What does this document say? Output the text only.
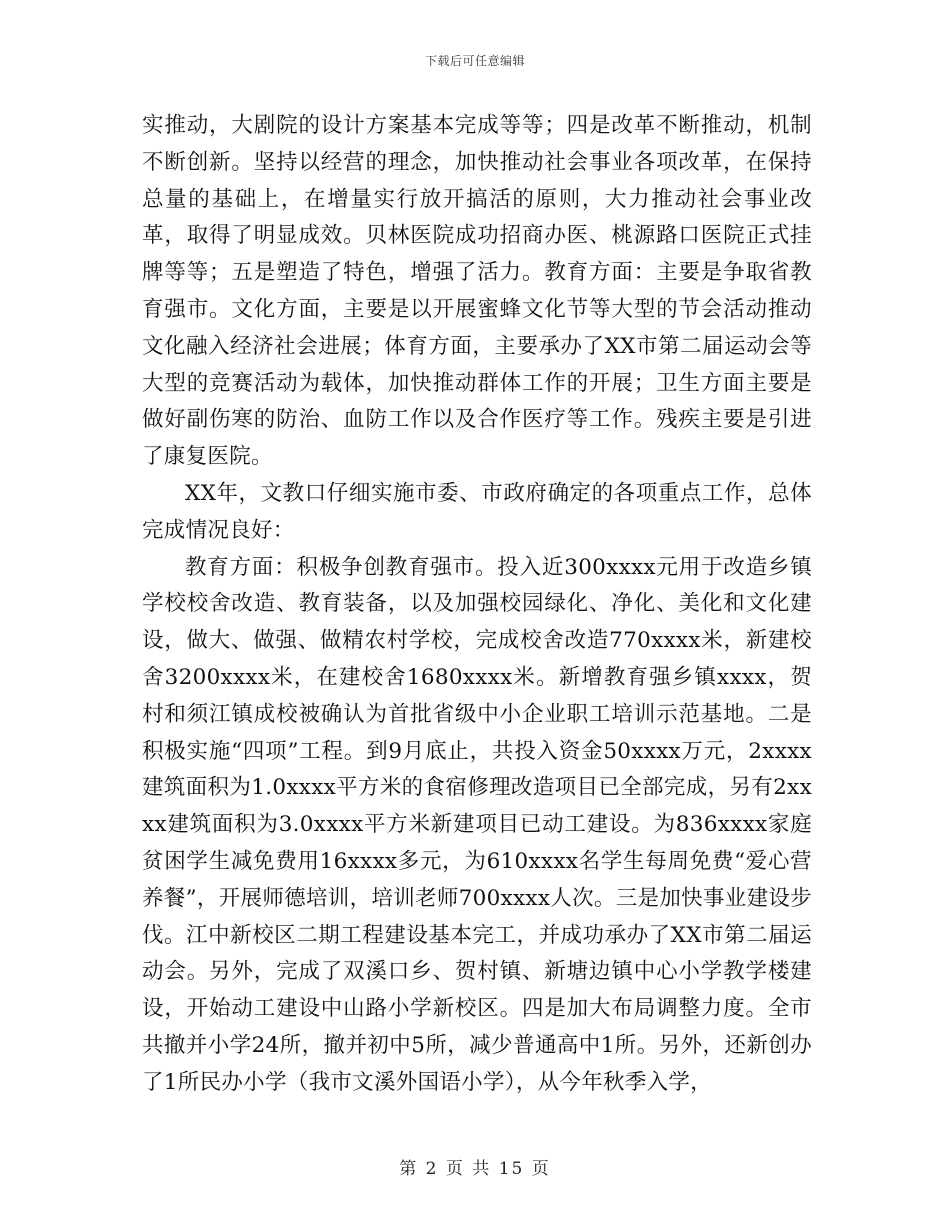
下载后可任意编辑

实推动，大剧院的设计方案基本完成等等；四是改革不断推动，机制不断创新。坚持以经营的理念，加快推动社会事业各项改革，在保持总量的基础上，在增量实行放开搞活的原则，大力推动社会事业改革，取得了明显成效。贝林医院成功招商办医、桃源路口医院正式挂牌等等；五是塑造了特色，增强了活力。教育方面：主要是争取省教育强市。文化方面，主要是以开展蜜蜂文化节等大型的节会活动推动文化融入经济社会进展；体育方面，主要承办了XX市第二届运动会等大型的竞赛活动为载体，加快推动群体工作的开展；卫生方面主要是做好副伤寒的防治、血防工作以及合作医疗等工作。残疾主要是引进了康复医院。

XX年，文教口仔细实施市委、市政府确定的各项重点工作，总体完成情况良好：

教育方面：积极争创教育强市。投入近300xxxx元用于改造乡镇学校校舍改造、教育装备，以及加强校园绿化、净化、美化和文化建设，做大、做强、做精农村学校，完成校舍改造770xxxx米，新建校舍3200xxxx米，在建校舍1680xxxx米。新增教育强乡镇xxxx，贺村和须江镇成校被确认为首批省级中小企业职工培训示范基地。二是积极实施“四项”工程。到9月底止，共投入资金50xxxx万元，2xxxx建筑面积为1.0xxxx平方米的食宿修理改造项目已全部完成，另有2xxxx建筑面积为3.0xxxx平方米新建项目已动工建设。为836xxxx家庭贫困学生减免费用16xxxx多元，为610xxxx名学生每周免费“爱心营养餐”，开展师德培训，培训老师700xxxx人次。三是加快事业建设步伐。江中新校区二期工程建设基本完工，并成功承办了XX市第二届运动会。另外，完成了双溪口乡、贺村镇、新塘边镇中心小学教学楼建设，开始动工建设中山路小学新校区。四是加大布局调整力度。全市共撤并小学24所，撤并初中5所，减少普通高中1所。另外，还新创办了1所民办小学（我市文溪外国语小学），从今年秋季入学，

第 2 页 共 15 页
